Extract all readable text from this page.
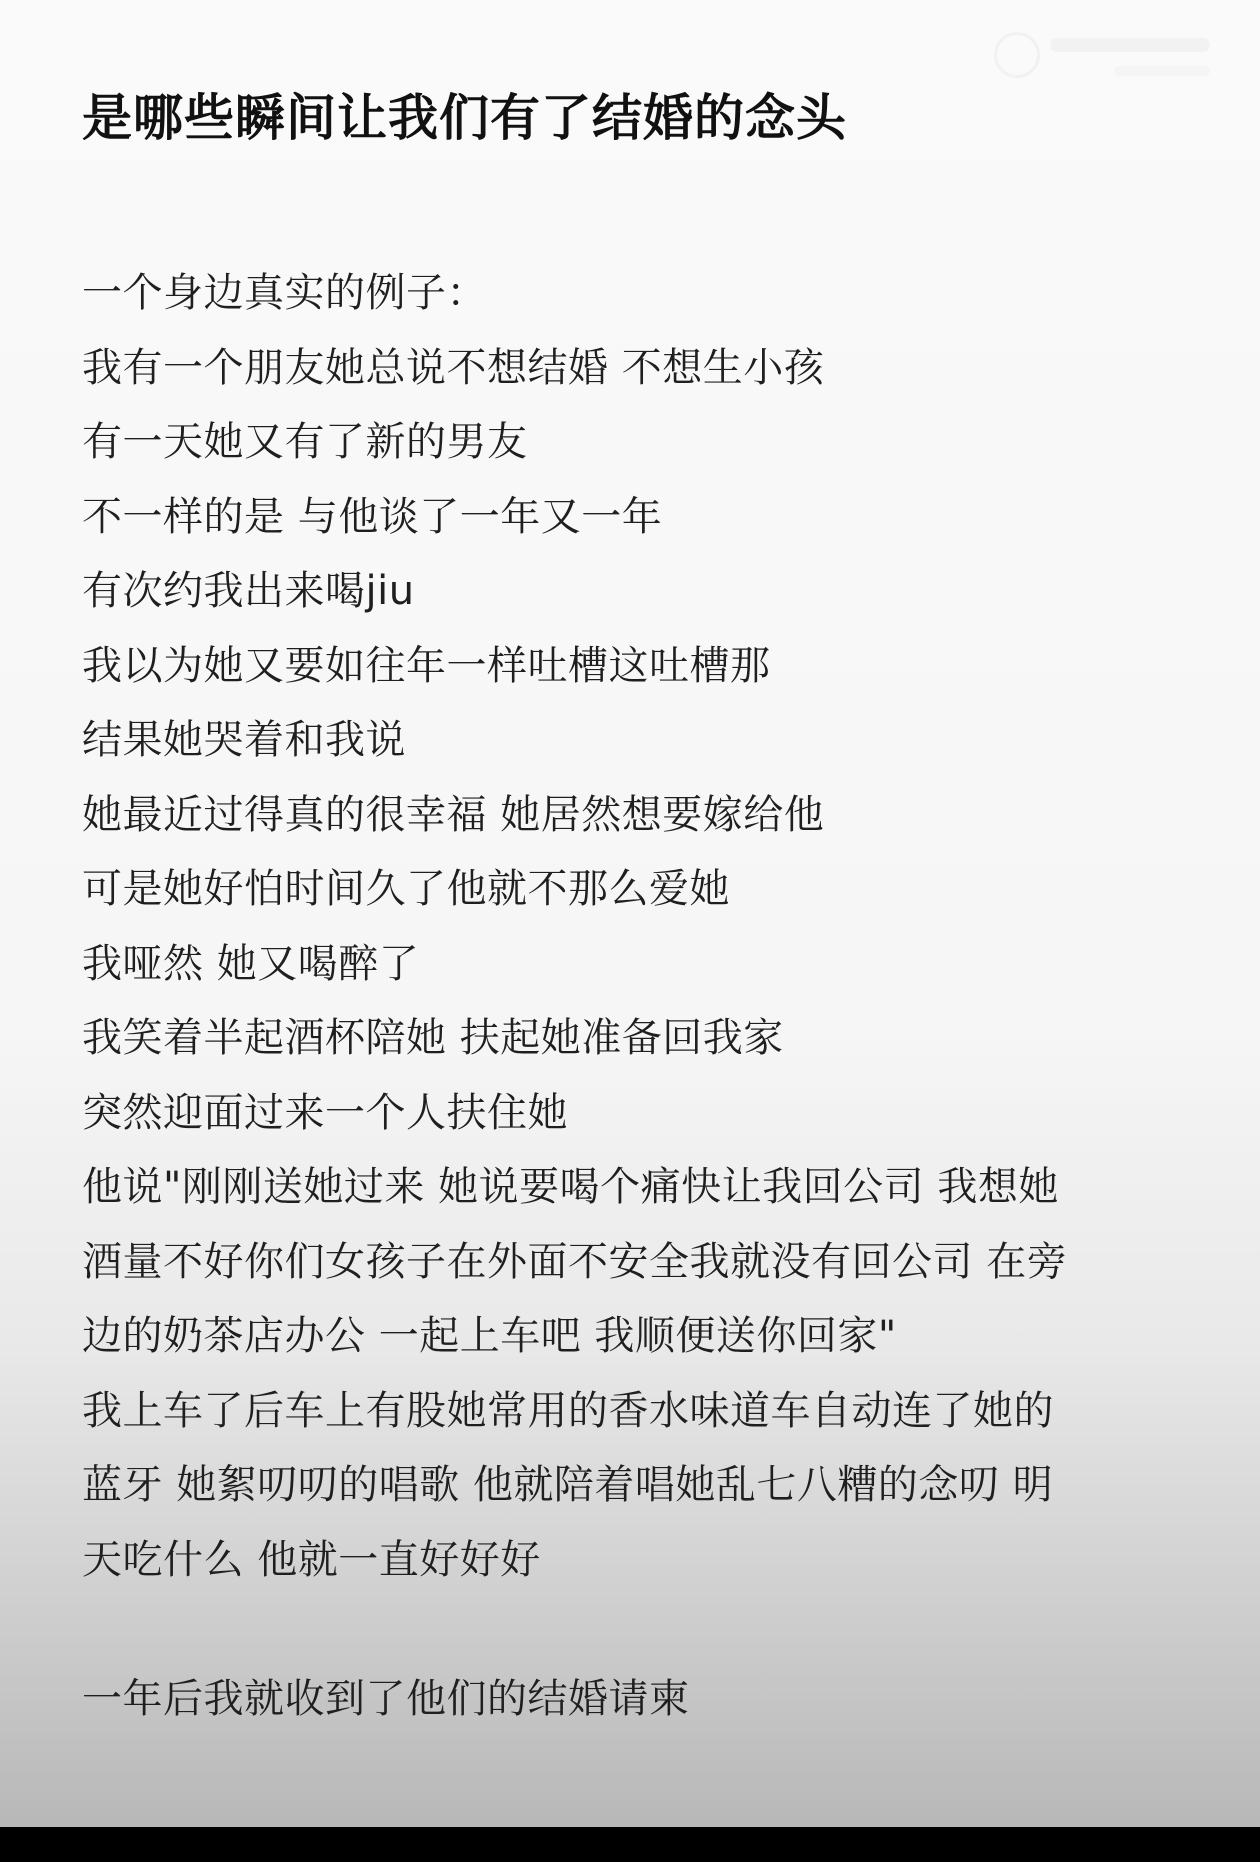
是哪些瞬间让我们有了结婚的念头
一个身边真实的例子：
我有一个朋友她总说不想结婚 不想生小孩
有一天她又有了新的男友
不一样的是 与他谈了一年又一年
有次约我出来喝jiu
我以为她又要如往年一样吐槽这吐槽那
结果她哭着和我说
她最近过得真的很幸福 她居然想要嫁给他
可是她好怕时间久了他就不那么爱她
我哑然 她又喝醉了
我笑着半起酒杯陪她 扶起她准备回我家
突然迎面过来一个人扶住她
他说"刚刚送她过来 她说要喝个痛快让我回公司 我想她
酒量不好你们女孩子在外面不安全我就没有回公司 在旁
边的奶茶店办公 一起上车吧 我顺便送你回家"
我上车了后车上有股她常用的香水味道车自动连了她的
蓝牙 她絮叨叨的唱歌 他就陪着唱她乱七八糟的念叨 明
天吃什么 他就一直好好好
一年后我就收到了他们的结婚请柬
